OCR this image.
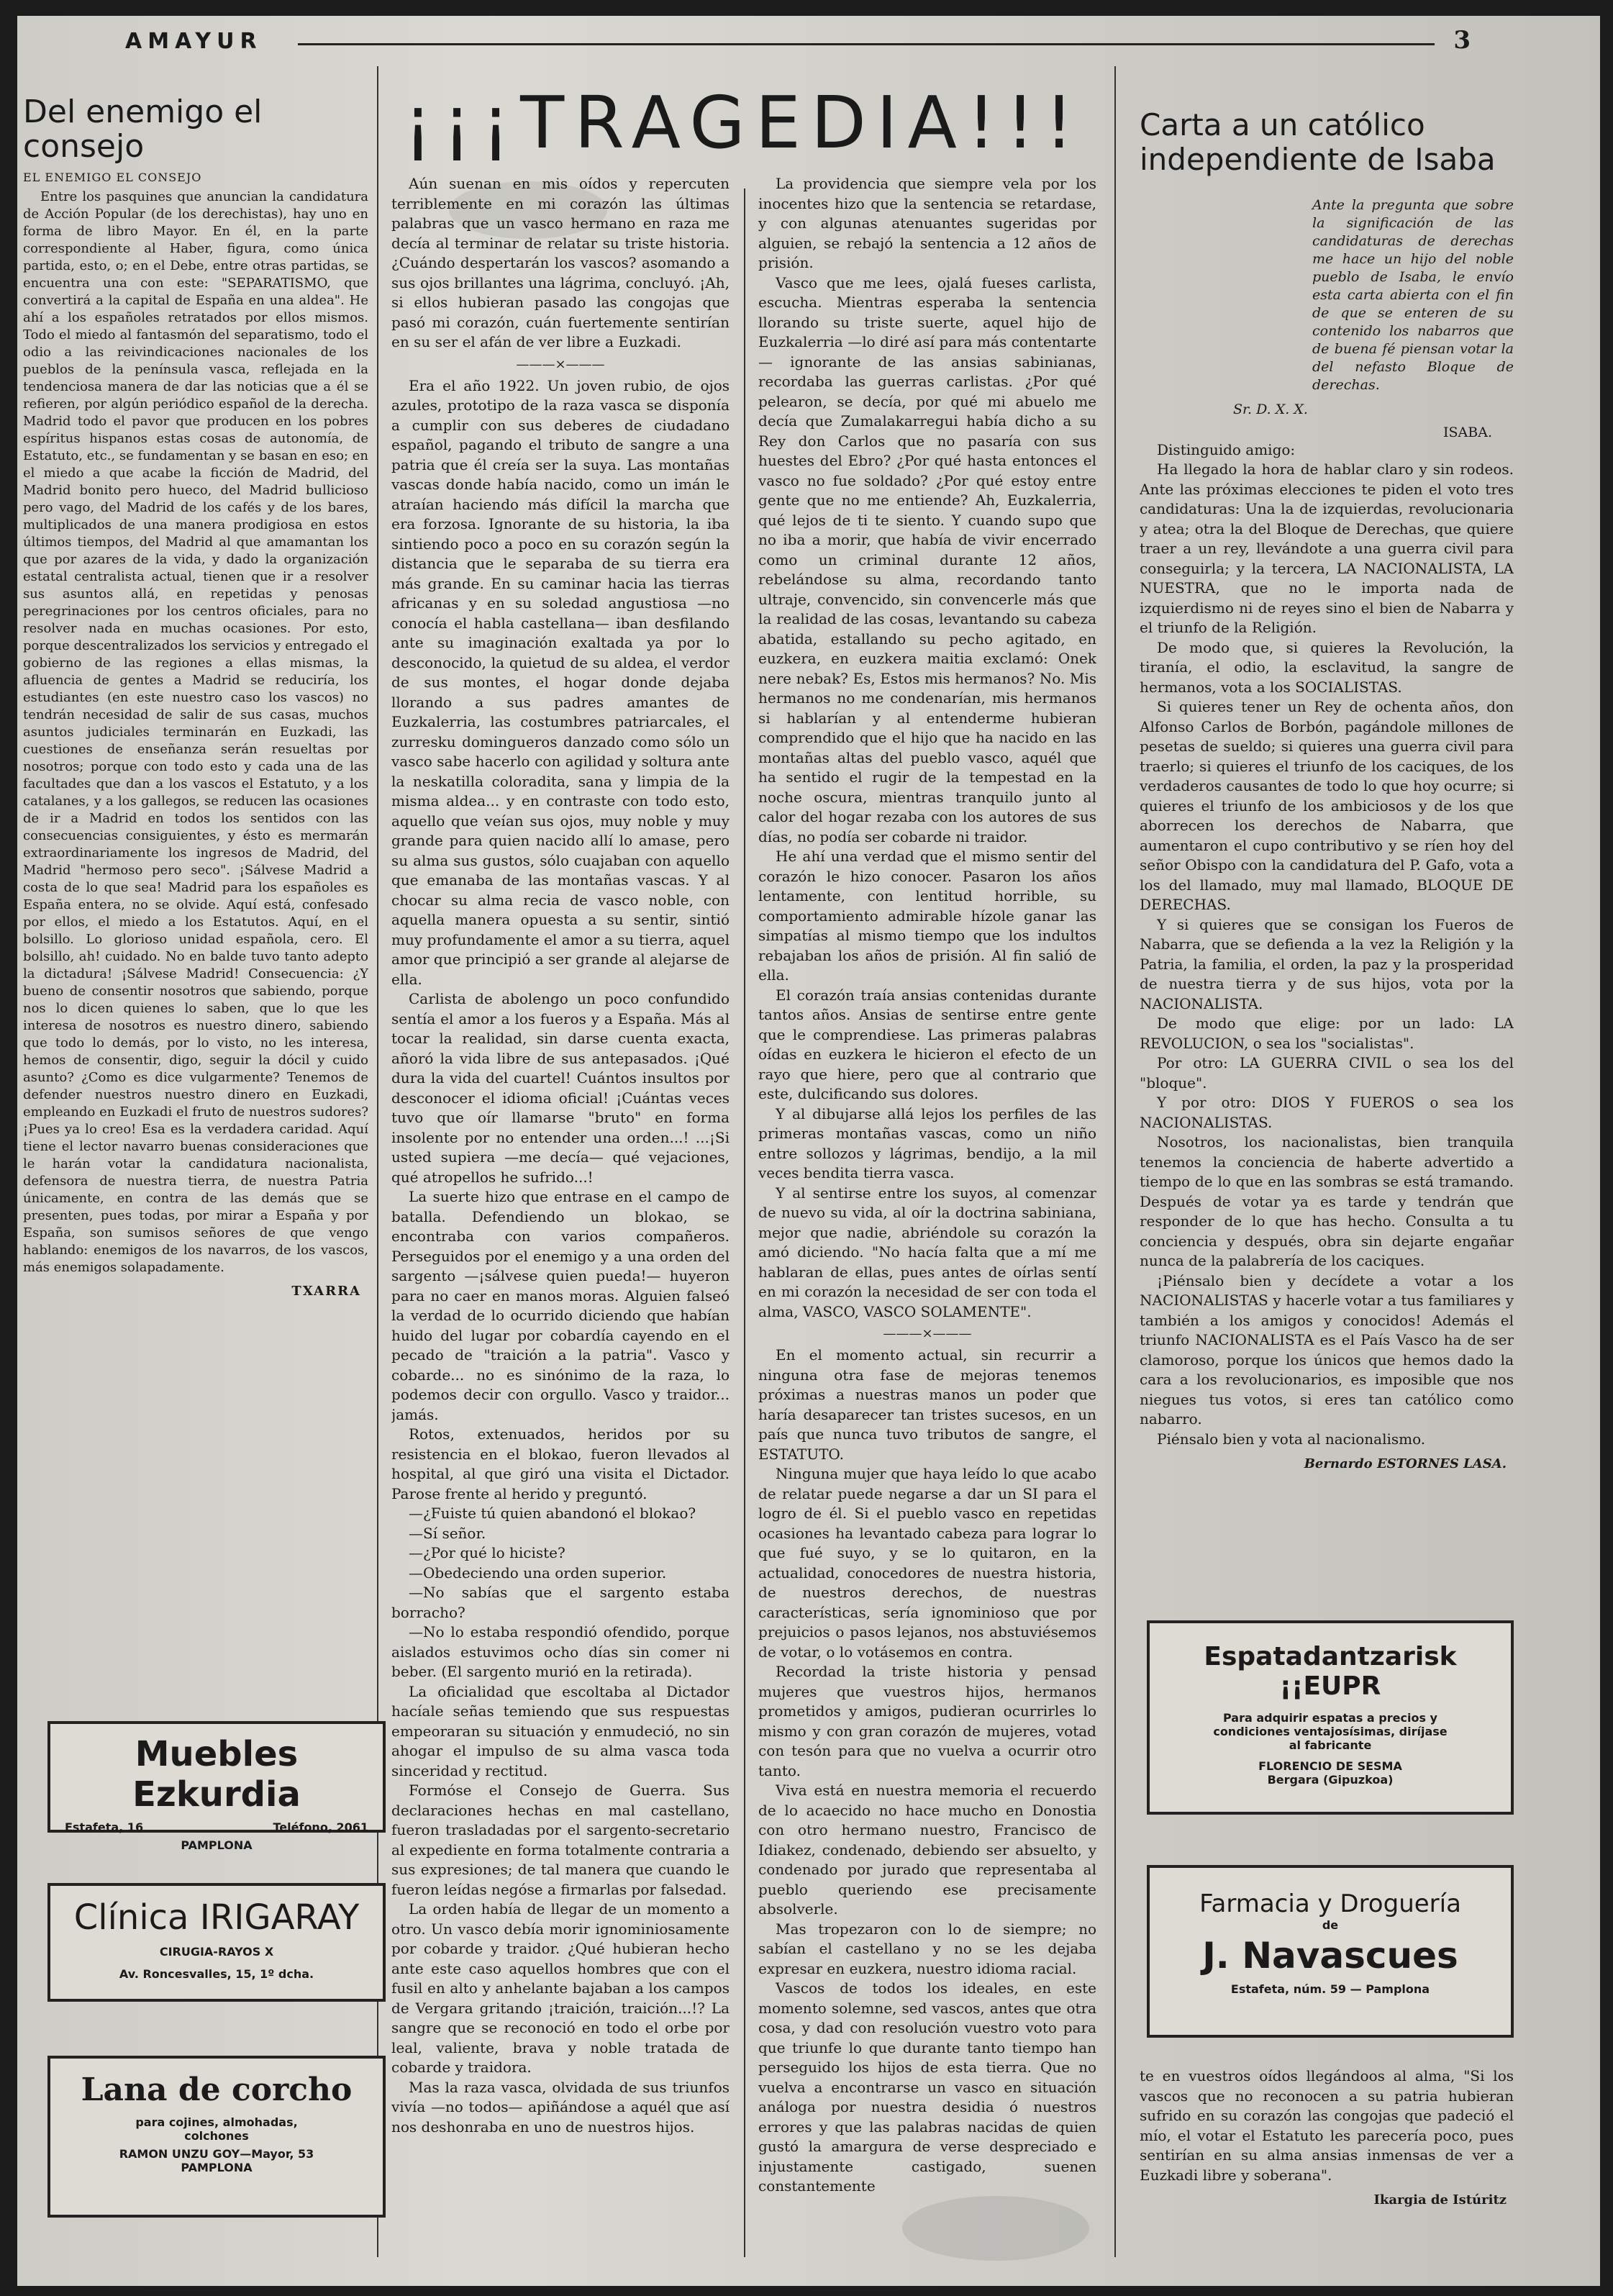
AMAYUR	3
Del enemigo el consejo
EL ENEMIGO EL CONSEJO

Entre los pasquines que anuncian la candidatura de Acción Popular (de los derechistas), hay uno en forma de libro Mayor. En él, en la parte correspondiente al Haber, figura, como única partida, esto, o; en el Debe, entre otras partidas, se encuentra una con este: "SEPARATISMO, que convertirá a la capital de España en una aldea". He ahí a los españoles retratados por ellos mismos. Todo el miedo al fantasmón del separatismo, todo el odio a las reivindicaciones nacionales de los pueblos de la península vasca, reflejada en la tendenciosa manera de dar las noticias que a él se refieren, por algún periódico español de la derecha. Madrid todo el pavor que producen en los pobres espíritus hispanos estas cosas de autonomía, de Estatuto, etc., se fundamentan y se basan en eso; en el miedo a que acabe la ficción de Madrid, del Madrid bonito pero hueco, del Madrid bullicioso pero vago, del Madrid de los cafés y de los bares, multiplicados de una manera prodigiosa en estos últimos tiempos, del Madrid al que amamantan los que por azares de la vida, y dado la organización estatal centralista actual, tienen que ir a resolver sus asuntos allá, en repetidas y penosas peregrinaciones por los centros oficiales, para no resolver nada en muchas ocasiones. Por esto, porque descentralizados los servicios y entregado el gobierno de las regiones a ellas mismas, la afluencia de gentes a Madrid se reduciría, los estudiantes (en este nuestro caso los vascos) no tendrán necesidad de salir de sus casas, muchos asuntos judiciales terminarán en Euzkadi, las cuestiones de enseñanza serán resueltas por nosotros; porque con todo esto y cada una de las facultades que dan a los vascos el Estatuto, y a los catalanes, y a los gallegos, se reducen las ocasiones de ir a Madrid en todos los sentidos con las consecuencias consiguientes, y ésto es mermarán extraordinariamente los ingresos de Madrid, del Madrid "hermoso pero seco". ¡Sálvese Madrid a costa de lo que sea! Madrid para los españoles es España entera, no se olvide. Aquí está, confesado por ellos, el miedo a los Estatutos. Aquí, en el bolsillo. Lo glorioso unidad española, cero. El bolsillo, ah! cuidado. No en balde tuvo tanto adepto la dictadura! ¡Sálvese Madrid! Consecuencia: ¿Y bueno de consentir nosotros que sabiendo, porque nos lo dicen quienes lo saben, que lo que les interesa de nosotros es nuestro dinero, sabiendo que todo lo demás, por lo visto, no les interesa, hemos de consentir, digo, seguir la dócil y cuido asunto? ¿Como es dice vulgarmente? Tenemos de defender nuestros nuestro dinero en Euzkadi, empleando en Euzkadi el fruto de nuestros sudores? ¡Pues ya lo creo! Esa es la verdadera caridad. Aquí tiene el lector navarro buenas consideraciones que le harán votar la candidatura nacionalista, defensora de nuestra tierra, de nuestra Patria únicamente, en contra de las demás que se presenten, pues todas, por mirar a España y por España, son sumisos señores de que vengo hablando: enemigos de los navarros, de los vascos, más enemigos solapadamente.

TXARRA
¡¡¡TRAGEDIA!!!

Aún suenan en mis oídos y repercuten terriblemente en mi corazón las últimas palabras que un vasco hermano en raza me decía al terminar de relatar su triste historia. ¿Cuándo despertarán los vascos? asomando a sus ojos brillantes una lágrima, concluyó. ¡Ah, si ellos hubieran pasado las congojas que pasó mi corazón, cuán fuertemente sentirían en su ser el afán de ver libre a Euzkadi.

———×———

Era el año 1922. Un joven rubio, de ojos azules, prototipo de la raza vasca se disponía a cumplir con sus deberes de ciudadano español, pagando el tributo de sangre a una patria que él creía ser la suya. Las montañas vascas donde había nacido, como un imán le atraían haciendo más difícil la marcha que era forzosa. Ignorante de su historia, la iba sintiendo poco a poco en su corazón según la distancia que le separaba de su tierra era más grande. En su caminar hacia las tierras africanas y en su soledad angustiosa —no conocía el habla castellana— iban desfilando ante su imaginación exaltada ya por lo desconocido, la quietud de su aldea, el verdor de sus montes, el hogar donde dejaba llorando a sus padres amantes de Euzkalerria, las costumbres patriarcales, el zurresku domingueros danzado como sólo un vasco sabe hacerlo con agilidad y soltura ante la neskatilla coloradita, sana y limpia de la misma aldea... y en contraste con todo esto, aquello que veían sus ojos, muy noble y muy grande para quien nacido allí lo amase, pero su alma sus gustos, sólo cuajaban con aquello que emanaba de las montañas vascas. Y al chocar su alma recia de vasco noble, con aquella manera opuesta a su sentir, sintió muy profundamente el amor a su tierra, aquel amor que principió a ser grande al alejarse de ella.

Carlista de abolengo un poco confundido sentía el amor a los fueros y a España. Más al tocar la realidad, sin darse cuenta exacta, añoró la vida libre de sus antepasados. ¡Qué dura la vida del cuartel! Cuántos insultos por desconocer el idioma oficial! ¡Cuántas veces tuvo que oír llamarse "bruto" en forma insolente por no entender una orden...! ...¡Si usted supiera —me decía— qué vejaciones, qué atropellos he sufrido...!

La suerte hizo que entrase en el campo de batalla. Defendiendo un blokao, se encontraba con varios compañeros. Perseguidos por el enemigo y a una orden del sargento —¡sálvese quien pueda!— huyeron para no caer en manos moras. Alguien falseó la verdad de lo ocurrido diciendo que habían huido del lugar por cobardía cayendo en el pecado de "traición a la patria". Vasco y cobarde... no es sinónimo de la raza, lo podemos decir con orgullo. Vasco y traidor... jamás.

Rotos, extenuados, heridos por su resistencia en el blokao, fueron llevados al hospital, al que giró una visita el Dictador. Parose frente al herido y preguntó.

—¿Fuiste tú quien abandonó el blokao?

—Sí señor.

—¿Por qué lo hiciste?

—Obedeciendo una orden superior.

—No sabías que el sargento estaba borracho?

—No lo estaba respondió ofendido, porque aislados estuvimos ocho días sin comer ni beber. (El sargento murió en la retirada).

La oficialidad que escoltaba al Dictador hacíale señas temiendo que sus respuestas empeoraran su situación y enmudeció, no sin ahogar el impulso de su alma vasca toda sinceridad y rectitud.

Formóse el Consejo de Guerra. Sus declaraciones hechas en mal castellano, fueron trasladadas por el sargento-secretario al expediente en forma totalmente contraria a sus expresiones; de tal manera que cuando le fueron leídas negóse a firmarlas por falsedad.

La orden había de llegar de un momento a otro. Un vasco debía morir ignominiosamente por cobarde y traidor. ¿Qué hubieran hecho ante este caso aquellos hombres que con el fusil en alto y anhelante bajaban a los campos de Vergara gritando ¡traición, traición...!? La sangre que se reconoció en todo el orbe por leal, valiente, brava y noble tratada de cobarde y traidora.

Mas la raza vasca, olvidada de sus triunfos vivía —no todos— apiñándose a aquél que así nos deshonraba en uno de nuestros hijos.

La providencia que siempre vela por los inocentes hizo que la sentencia se retardase, y con algunas atenuantes sugeridas por alguien, se rebajó la sentencia a 12 años de prisión.

Vasco que me lees, ojalá fueses carlista, escucha. Mientras esperaba la sentencia llorando su triste suerte, aquel hijo de Euzkalerria —lo diré así para más contentarte— ignorante de las ansias sabinianas, recordaba las guerras carlistas. ¿Por qué pelearon, se decía, por qué mi abuelo me decía que Zumalakarregui había dicho a su Rey don Carlos que no pasaría con sus huestes del Ebro? ¿Por qué hasta entonces el vasco no fue soldado? ¿Por qué estoy entre gente que no me entiende? Ah, Euzkalerria, qué lejos de ti te siento. Y cuando supo que no iba a morir, que había de vivir encerrado como un criminal durante 12 años, rebelándose su alma, recordando tanto ultraje, convencido, sin convencerle más que la realidad de las cosas, levantando su cabeza abatida, estallando su pecho agitado, en euzkera, en euzkera maitia exclamó: Onek nere nebak? Es, Estos mis hermanos? No. Mis hermanos no me condenarían, mis hermanos si hablarían y al entenderme hubieran comprendido que el hijo que ha nacido en las montañas altas del pueblo vasco, aquél que ha sentido el rugir de la tempestad en la noche oscura, mientras tranquilo junto al calor del hogar rezaba con los autores de sus días, no podía ser cobarde ni traidor.

He ahí una verdad que el mismo sentir del corazón le hizo conocer. Pasaron los años lentamente, con lentitud horrible, su comportamiento admirable hízole ganar las simpatías al mismo tiempo que los indultos rebajaban los años de prisión. Al fin salió de ella.

El corazón traía ansias contenidas durante tantos años. Ansias de sentirse entre gente que le comprendiese. Las primeras palabras oídas en euzkera le hicieron el efecto de un rayo que hiere, pero que al contrario que este, dulcificando sus dolores.

Y al dibujarse allá lejos los perfiles de las primeras montañas vascas, como un niño entre sollozos y lágrimas, bendijo, a la mil veces bendita tierra vasca.

Y al sentirse entre los suyos, al comenzar de nuevo su vida, al oír la doctrina sabiniana, mejor que nadie, abriéndole su corazón la amó diciendo. "No hacía falta que a mí me hablaran de ellas, pues antes de oírlas sentí en mi corazón la necesidad de ser con toda el alma, VASCO, VASCO SOLAMENTE".

———×———

En el momento actual, sin recurrir a ninguna otra fase de mejoras tenemos próximas a nuestras manos un poder que haría desaparecer tan tristes sucesos, en un país que nunca tuvo tributos de sangre, el ESTATUTO.

Ninguna mujer que haya leído lo que acabo de relatar puede negarse a dar un SI para el logro de él. Si el pueblo vasco en repetidas ocasiones ha levantado cabeza para lograr lo que fué suyo, y se lo quitaron, en la actualidad, conocedores de nuestra historia, de nuestros derechos, de nuestras características, sería ignominioso que por prejuicios o pasos lejanos, nos abstuviésemos de votar, o lo votásemos en contra.

Recordad la triste historia y pensad mujeres que vuestros hijos, hermanos prometidos y amigos, pudieran ocurrirles lo mismo y con gran corazón de mujeres, votad con tesón para que no vuelva a ocurrir otro tanto.

Viva está en nuestra memoria el recuerdo de lo acaecido no hace mucho en Donostia con otro hermano nuestro, Francisco de Idiakez, condenado, debiendo ser absuelto, y condenado por jurado que representaba al pueblo queriendo ese precisamente absolverle.

Mas tropezaron con lo de siempre; no sabían el castellano y no se les dejaba expresar en euzkera, nuestro idioma racial.

Vascos de todos los ideales, en este momento solemne, sed vascos, antes que otra cosa, y dad con resolución vuestro voto para que triunfe lo que durante tanto tiempo han perseguido los hijos de esta tierra. Que no vuelva a encontrarse un vasco en situación análoga por nuestra desidia ó nuestros errores y que las palabras nacidas de quien gustó la amargura de verse despreciado e injustamente castigado, suenen constantemente

Carta a un católico independiente de Isaba

Ante la pregunta que sobre la significación de las candidaturas de derechas me hace un hijo del noble pueblo de Isaba, le envío esta carta abierta con el fin de que se enteren de su contenido los nabarros que de buena fé piensan votar la del nefasto Bloque de derechas.

Sr. D. X. X.
ISABA.

Distinguido amigo:

Ha llegado la hora de hablar claro y sin rodeos. Ante las próximas elecciones te piden el voto tres candidaturas: Una la de izquierdas, revolucionaria y atea; otra la del Bloque de Derechas, que quiere traer a un rey, llevándote a una guerra civil para conseguirla; y la tercera, LA NACIONALISTA, LA NUESTRA, que no le importa nada de izquierdismo ni de reyes sino el bien de Nabarra y el triunfo de la Religión.

De modo que, si quieres la Revolución, la tiranía, el odio, la esclavitud, la sangre de hermanos, vota a los SOCIALISTAS.

Si quieres tener un Rey de ochenta años, don Alfonso Carlos de Borbón, pagándole millones de pesetas de sueldo; si quieres una guerra civil para traerlo; si quieres el triunfo de los caciques, de los verdaderos causantes de todo lo que hoy ocurre; si quieres el triunfo de los ambiciosos y de los que aborrecen los derechos de Nabarra, que aumentaron el cupo contributivo y se ríen hoy del señor Obispo con la candidatura del P. Gafo, vota a los del llamado, muy mal llamado, BLOQUE DE DERECHAS.

Y si quieres que se consigan los Fueros de Nabarra, que se defienda a la vez la Religión y la Patria, la familia, el orden, la paz y la prosperidad de nuestra tierra y de sus hijos, vota por la NACIONALISTA.

De modo que elige: por un lado: LA REVOLUCION, o sea los "socialistas".

Por otro: LA GUERRA CIVIL o sea los del "bloque".

Y por otro: DIOS Y FUEROS o sea los NACIONALISTAS.

Nosotros, los nacionalistas, bien tranquila tenemos la conciencia de haberte advertido a tiempo de lo que en las sombras se está tramando. Después de votar ya es tarde y tendrán que responder de lo que has hecho. Consulta a tu conciencia y después, obra sin dejarte engañar nunca de la palabrería de los caciques.

¡Piénsalo bien y decídete a votar a los NACIONALISTAS y hacerle votar a tus familiares y también a los amigos y conocidos! Además el triunfo NACIONALISTA es el País Vasco ha de ser clamoroso, porque los únicos que hemos dado la cara a los revolucionarios, es imposible que nos niegues tus votos, si eres tan católico como nabarro.

Piénsalo bien y vota al nacionalismo.

Bernardo ESTORNES LASA.

te en vuestros oídos llegándoos al alma, "Si los vascos que no reconocen a su patria hubieran sufrido en su corazón las congojas que padeció el mío, el votar el Estatuto les parecería poco, pues sentirían en su alma ansias inmensas de ver a Euzkadi libre y soberana".

Ikargia de Istúritz
Muebles Ezkurdia
Estafeta, 16	Teléfono, 2061
PAMPLONA
Clínica IRIGARAY
CIRUGIA-RAYOS X
Av. Roncesvalles, 15, 1º dcha.
Lana de corcho
para cojines, almohadas,
colchones
RAMON UNZU GOY—Mayor, 53
PAMPLONA
Espatadantzarisk ¡¡EUPR
Para adquirir espatas a precios y
condiciones ventajosísimas, diríjase
al fabricante
FLORENCIO DE SESMA
Bergara (Gipuzkoa)
Farmacia y Droguería
de
J. Navascues
Estafeta, núm. 59 — Pamplona
